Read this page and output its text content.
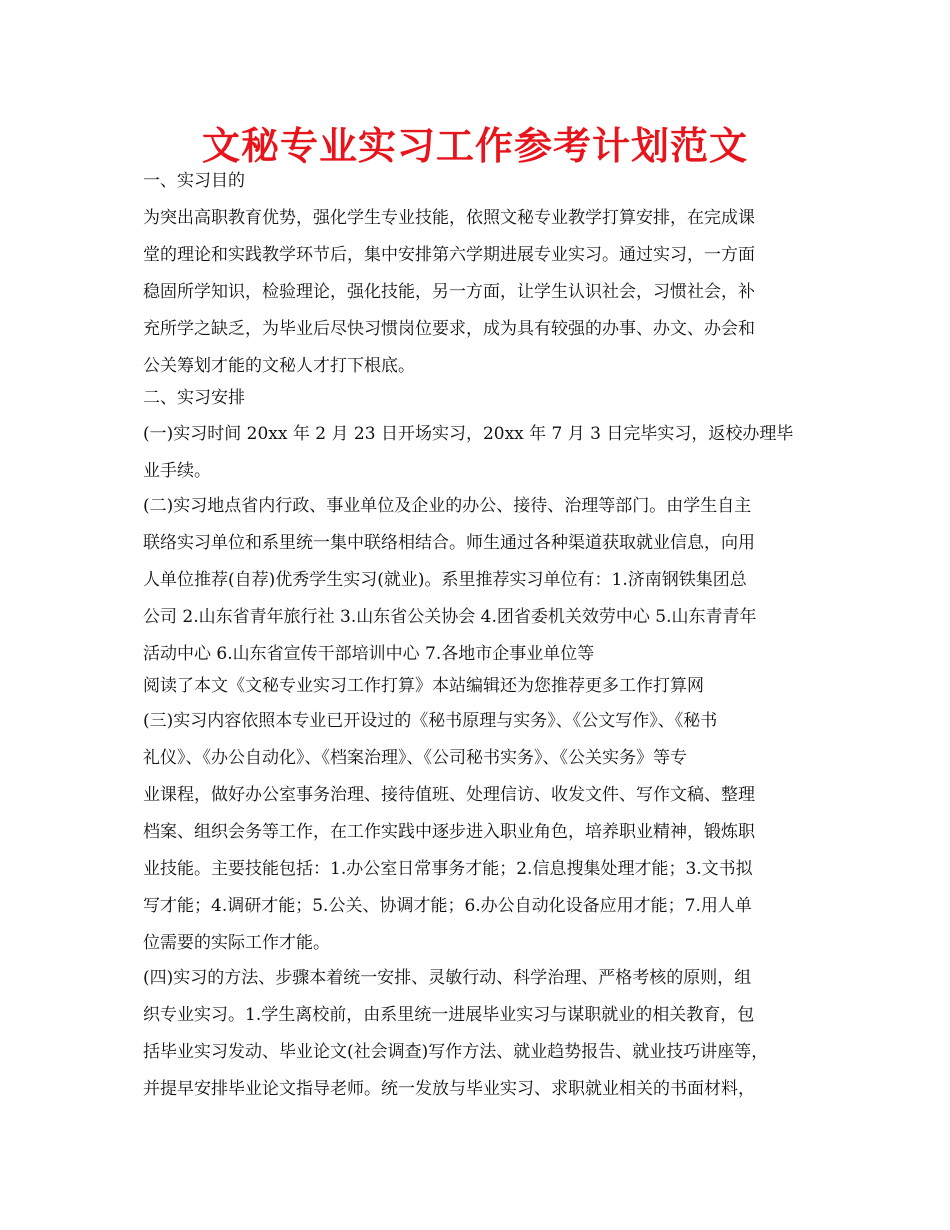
文秘专业实习工作参考计划范文
一、实习目的
为突出高职教育优势，强化学生专业技能，依照文秘专业教学打算安排，在完成课
堂的理论和实践教学环节后，集中安排第六学期进展专业实习。通过实习，一方面
稳固所学知识，检验理论，强化技能，另一方面，让学生认识社会，习惯社会，补
充所学之缺乏，为毕业后尽快习惯岗位要求，成为具有较强的办事、办文、办会和
公关筹划才能的文秘人才打下根底。
二、实习安排
(一)实习时间 20xx 年 2 月 23 日开场实习，20xx 年 7 月 3 日完毕实习，返校办理毕
业手续。
(二)实习地点省内行政、事业单位及企业的办公、接待、治理等部门。由学生自主
联络实习单位和系里统一集中联络相结合。师生通过各种渠道获取就业信息，向用
人单位推荐(自荐)优秀学生实习(就业)。系里推荐实习单位有：1.济南钢铁集团总
公司 2.山东省青年旅行社 3.山东省公关协会 4.团省委机关效劳中心 5.山东青青年
活动中心 6.山东省宣传干部培训中心 7.各地市企事业单位等
阅读了本文《文秘专业实习工作打算》本站编辑还为您推荐更多工作打算网
(三)实习内容依照本专业已开设过的《秘书原理与实务》、《公文写作》、《秘书
礼仪》、《办公自动化》、《档案治理》、《公司秘书实务》、《公关实务》等专
业课程，做好办公室事务治理、接待值班、处理信访、收发文件、写作文稿、整理
档案、组织会务等工作，在工作实践中逐步进入职业角色，培养职业精神，锻炼职
业技能。主要技能包括：1.办公室日常事务才能；2.信息搜集处理才能；3.文书拟
写才能；4.调研才能；5.公关、协调才能；6.办公自动化设备应用才能；7.用人单
位需要的实际工作才能。
(四)实习的方法、步骤本着统一安排、灵敏行动、科学治理、严格考核的原则，组
织专业实习。1.学生离校前，由系里统一进展毕业实习与谋职就业的相关教育，包
括毕业实习发动、毕业论文(社会调查)写作方法、就业趋势报告、就业技巧讲座等，
并提早安排毕业论文指导老师。统一发放与毕业实习、求职就业相关的书面材料，
